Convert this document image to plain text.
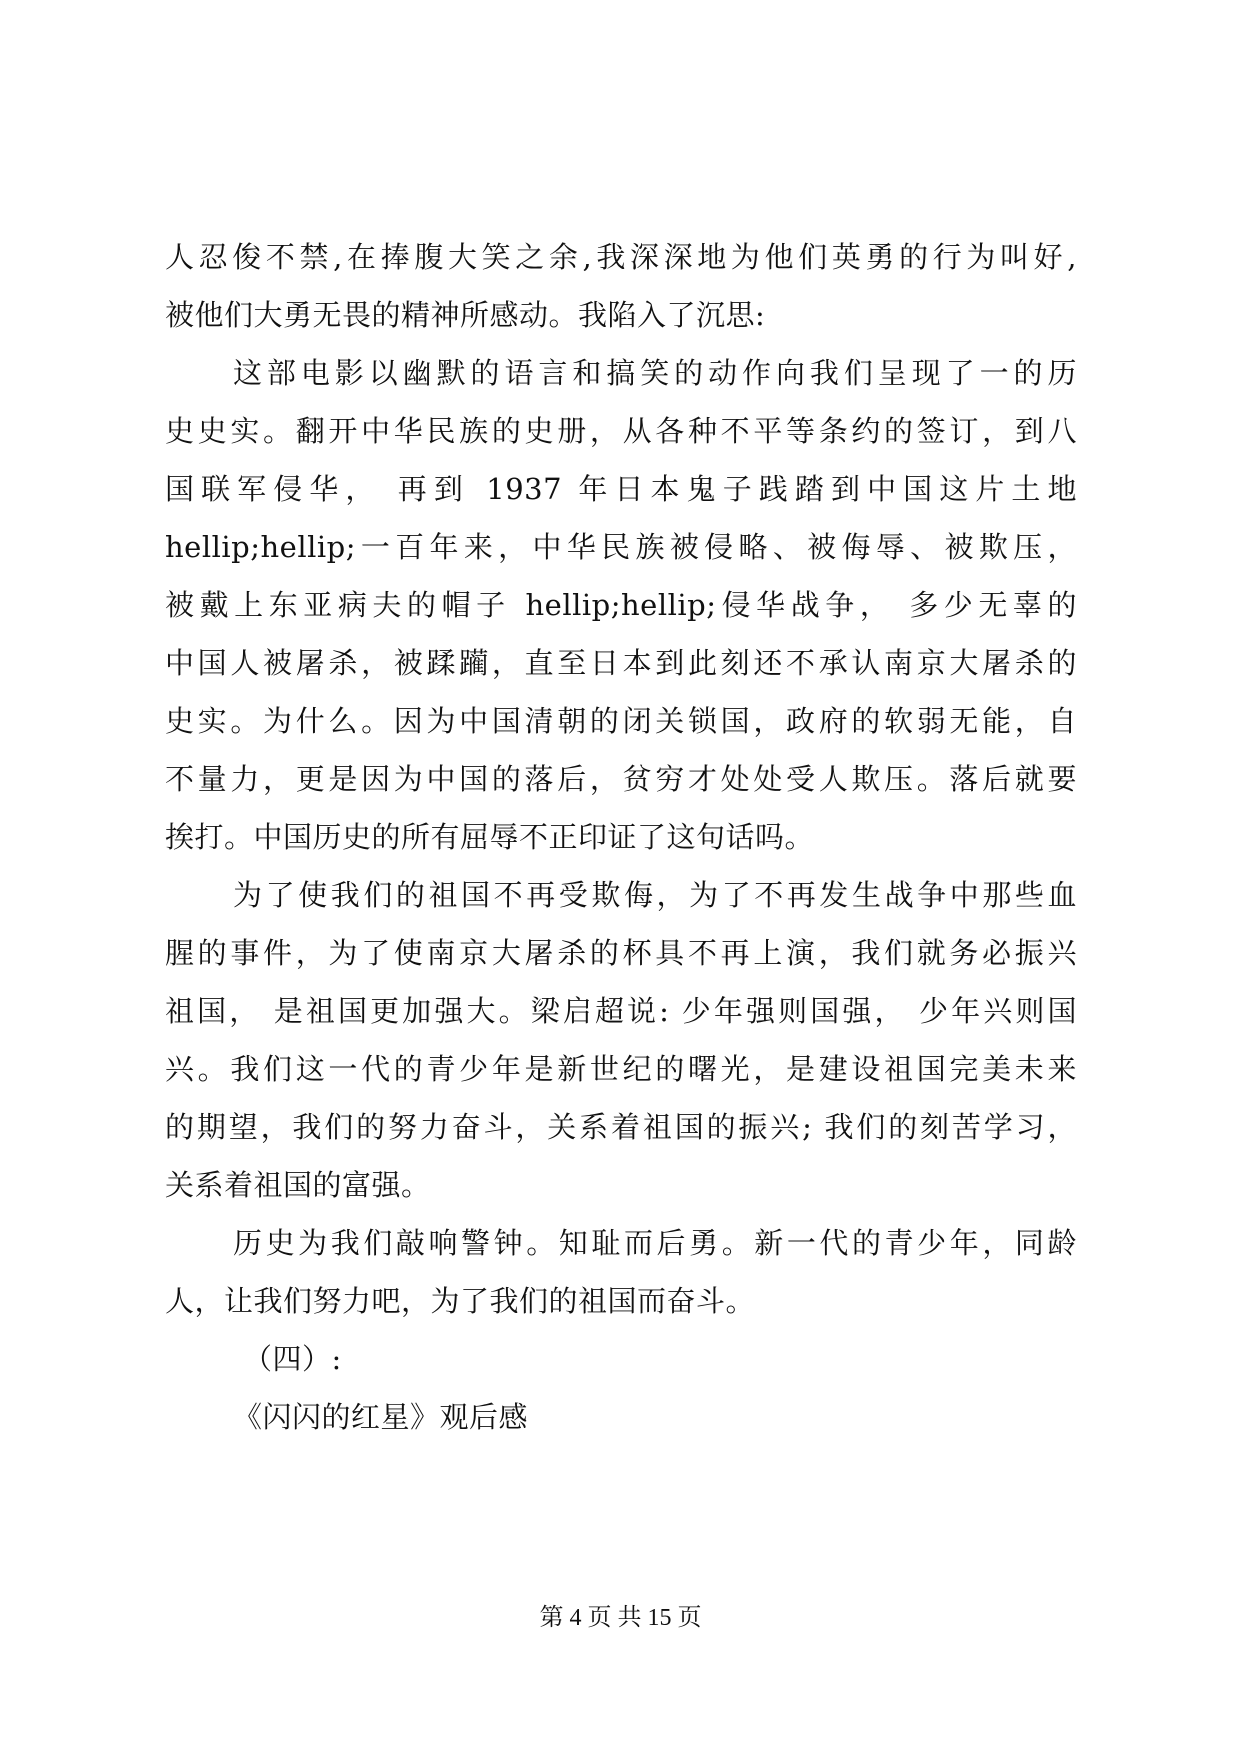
人忍俊不禁,在捧腹大笑之余,我深深地为他们英勇的行为叫好,
被他们大勇无畏的精神所感动。我陷入了沉思:
这部电影以幽默的语言和搞笑的动作向我们呈现了一的历
史史实。翻开中华民族的史册，从各种不平等条约的签订，到八
国联军侵华， 再到 1937 年日本鬼子践踏到中国这片土地
hellip;hellip;一百年来，中华民族被侵略、被侮辱、被欺压，
被戴上东亚病夫的帽子 hellip;hellip;侵华战争， 多少无辜的
中国人被屠杀，被蹂躏，直至日本到此刻还不承认南京大屠杀的
史实。为什么。因为中国清朝的闭关锁国，政府的软弱无能，自
不量力，更是因为中国的落后，贫穷才处处受人欺压。落后就要
挨打。中国历史的所有屈辱不正印证了这句话吗。
为了使我们的祖国不再受欺侮，为了不再发生战争中那些血
腥的事件，为了使南京大屠杀的杯具不再上演，我们就务必振兴
祖国， 是祖国更加强大。梁启超说: 少年强则国强， 少年兴则国
兴。我们这一代的青少年是新世纪的曙光，是建设祖国完美未来
的期望，我们的努力奋斗，关系着祖国的振兴; 我们的刻苦学习，
关系着祖国的富强。
历史为我们敲响警钟。知耻而后勇。新一代的青少年，同龄
人，让我们努力吧，为了我们的祖国而奋斗。
（四）:
《闪闪的红星》观后感
第 4 页 共 15 页
